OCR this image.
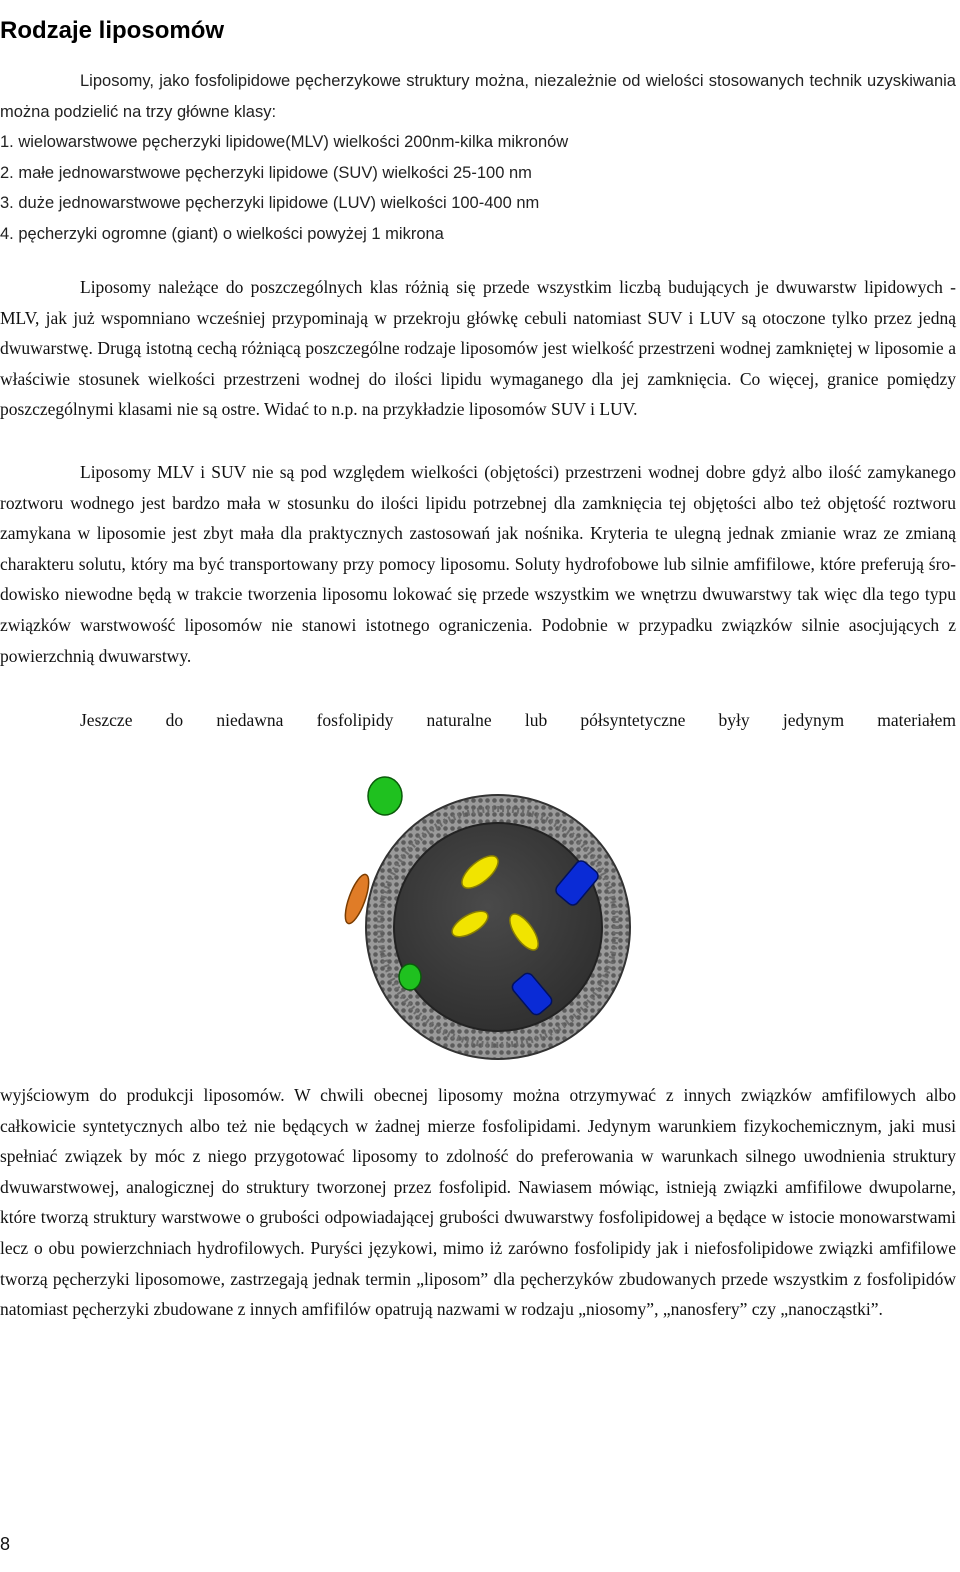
Rodzaje liposomów

Liposomy, jako fosfolipidowe pęcherzykowe struktury można, niezależnie od wielości stosowanych technik uzyskiwania można podzielić na trzy główne klasy:

1. wielowarstwowe pęcherzyki lipidowe(MLV) wielkości 200nm-kilka mikronów
2. małe jednowarstwowe pęcherzyki lipidowe (SUV) wielkości 25-100 nm
3. duże jednowarstwowe pęcherzyki lipidowe (LUV) wielkości 100-400 nm
4. pęcherzyki ogromne (giant) o wielkości powyżej 1 mikrona

Liposomy należące do poszczególnych klas różnią się przede wszystkim liczbą budujących je dwuwarstw lipidowych - MLV, jak już wspomniano wcześniej przypominają w przekroju główkę cebuli natomiast SUV i LUV są otoczone tylko przez jedną dwuwarstwę. Drugą istotną cechą różniącą poszczególne rodzaje liposomów jest wielkość przestrzeni wodnej zamkniętej w liposomie a właściwie stosunek wielkości przestrzeni wodnej do ilości lipidu wymaganego dla jej zamknięcia. Co więcej, granice pomiędzy poszczególnymi klasami nie są ostre. Widać to n.p. na przykładzie liposomów SUV i LUV.

Liposomy MLV i SUV nie są pod względem wielkości (objętości) przestrzeni wodnej dobre gdyż albo ilość zamykanego roztworu wodnego jest bardzo mała w stosunku do ilości lipidu potrzebnej dla zamknięcia tej objętości albo też objętość roztworu zamykana w liposomie jest zbyt mała dla praktycznych zastosowań jak nośnika. Kryteria te ulegną jednak zmianie wraz ze zmianą charakteru solutu, który ma być transportowany przy pomocy liposomu. Soluty hydrofobowe lub silnie amfifilowe, które preferują śro-dowisko niewodne będą w trakcie tworzenia liposomu lokować się przede wszystkim we wnętrzu dwuwarstwy tak więc dla tego typu związków warstwowość liposomów nie stanowi istotnego ograniczenia. Podobnie w przypadku związków silnie asocjujących z powierzchnią dwuwarstwy.

Jeszcze do niedawna fosfolipidy naturalne lub półsyntetyczne były jedynym materiałem

wyjściowym do produkcji liposomów. W chwili obecnej liposomy można otrzymywać z innych związków amfifilowych albo całkowicie syntetycznych albo też nie będących w żadnej mierze fosfolipidami. Jedynym warunkiem fizykochemicznym, jaki musi spełniać związek by móc z niego przygotować liposomy to zdolność do preferowania w warunkach silnego uwodnienia struktury dwuwarstwowej, analogicznej do struktury tworzonej przez fosfolipid. Nawiasem mówiąc, istnieją związki amfifilowe dwupolarne, które tworzą struktury warstwowe o grubości odpowiadającej grubości dwuwarstwy fosfolipidowej a będące w istocie monowarstwami lecz o obu powierzchniach hydrofilowych. Puryści językowi, mimo iż zarówno fosfolipidy jak i niefosfolipidowe związki amfifilowe tworzą pęcherzyki liposomowe, zastrzegają jednak termin „liposom” dla pęcherzyków zbudowanych przede wszystkim z fosfolipidów natomiast pęcherzyki zbudowane z innych amfifilów opatrują nazwami w rodzaju „niosomy”, „nanosfery” czy „nanocząstki”.

8
